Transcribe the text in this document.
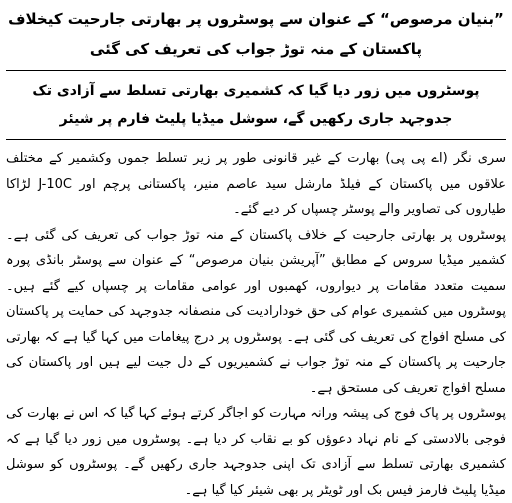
”بنیان مرصوص“ کے عنوان سے پوسٹروں پر بھارتی جارحیت کیخلاف پاکستان کے منہ توڑ جواب کی تعریف کی گئی
پوسٹروں میں زور دیا گیا کہ کشمیری بھارتی تسلط سے آزادی تک جدوجہد جاری رکھیں گے، سوشل میڈیا پلیٹ فارم پر شیئر

سری نگر (اے پی پی) بھارت کے غیر قانونی طور پر زیر تسلط جموں وکشمیر کے مختلف علاقوں میں پاکستان کے فیلڈ مارشل سید عاصم منیر، پاکستانی پرچم اور J-10C لڑاکا طیاروں کی تصاویر والے پوسٹر چسپاں کر دیے گئے۔

پوسٹروں پر بھارتی جارحیت کے خلاف پاکستان کے منہ توڑ جواب کی تعریف کی گئی ہے۔ کشمیر میڈیا سروس کے مطابق ”آپریشن بنیان مرصوص“ کے عنوان سے پوسٹر بانڈی پورہ سمیت متعدد مقامات پر دیواروں، کھمبوں اور عوامی مقامات پر چسپاں کیے گئے ہیں۔ پوسٹروں میں کشمیری عوام کی حق خودارادیت کی منصفانہ جدوجہد کی حمایت پر پاکستان کی مسلح افواج کی تعریف کی گئی ہے۔ پوسٹروں پر درج پیغامات میں کہا گیا ہے کہ بھارتی جارحیت پر پاکستان کے منہ توڑ جواب نے کشمیریوں کے دل جیت لیے ہیں اور پاکستان کی مسلح افواج تعریف کی مستحق ہے۔

پوسٹروں پر پاک فوج کی پیشہ ورانہ مہارت کو اجاگر کرتے ہوئے کہا گیا کہ اس نے بھارت کی فوجی بالادستی کے نام نہاد دعوؤں کو بے نقاب کر دیا ہے۔ پوسٹروں میں زور دیا گیا ہے کہ کشمیری بھارتی تسلط سے آزادی تک اپنی جدوجہد جاری رکھیں گے۔ پوسٹروں کو سوشل میڈیا پلیٹ فارمز فیس بک اور ٹویٹر پر بھی شیئر کیا گیا ہے۔
